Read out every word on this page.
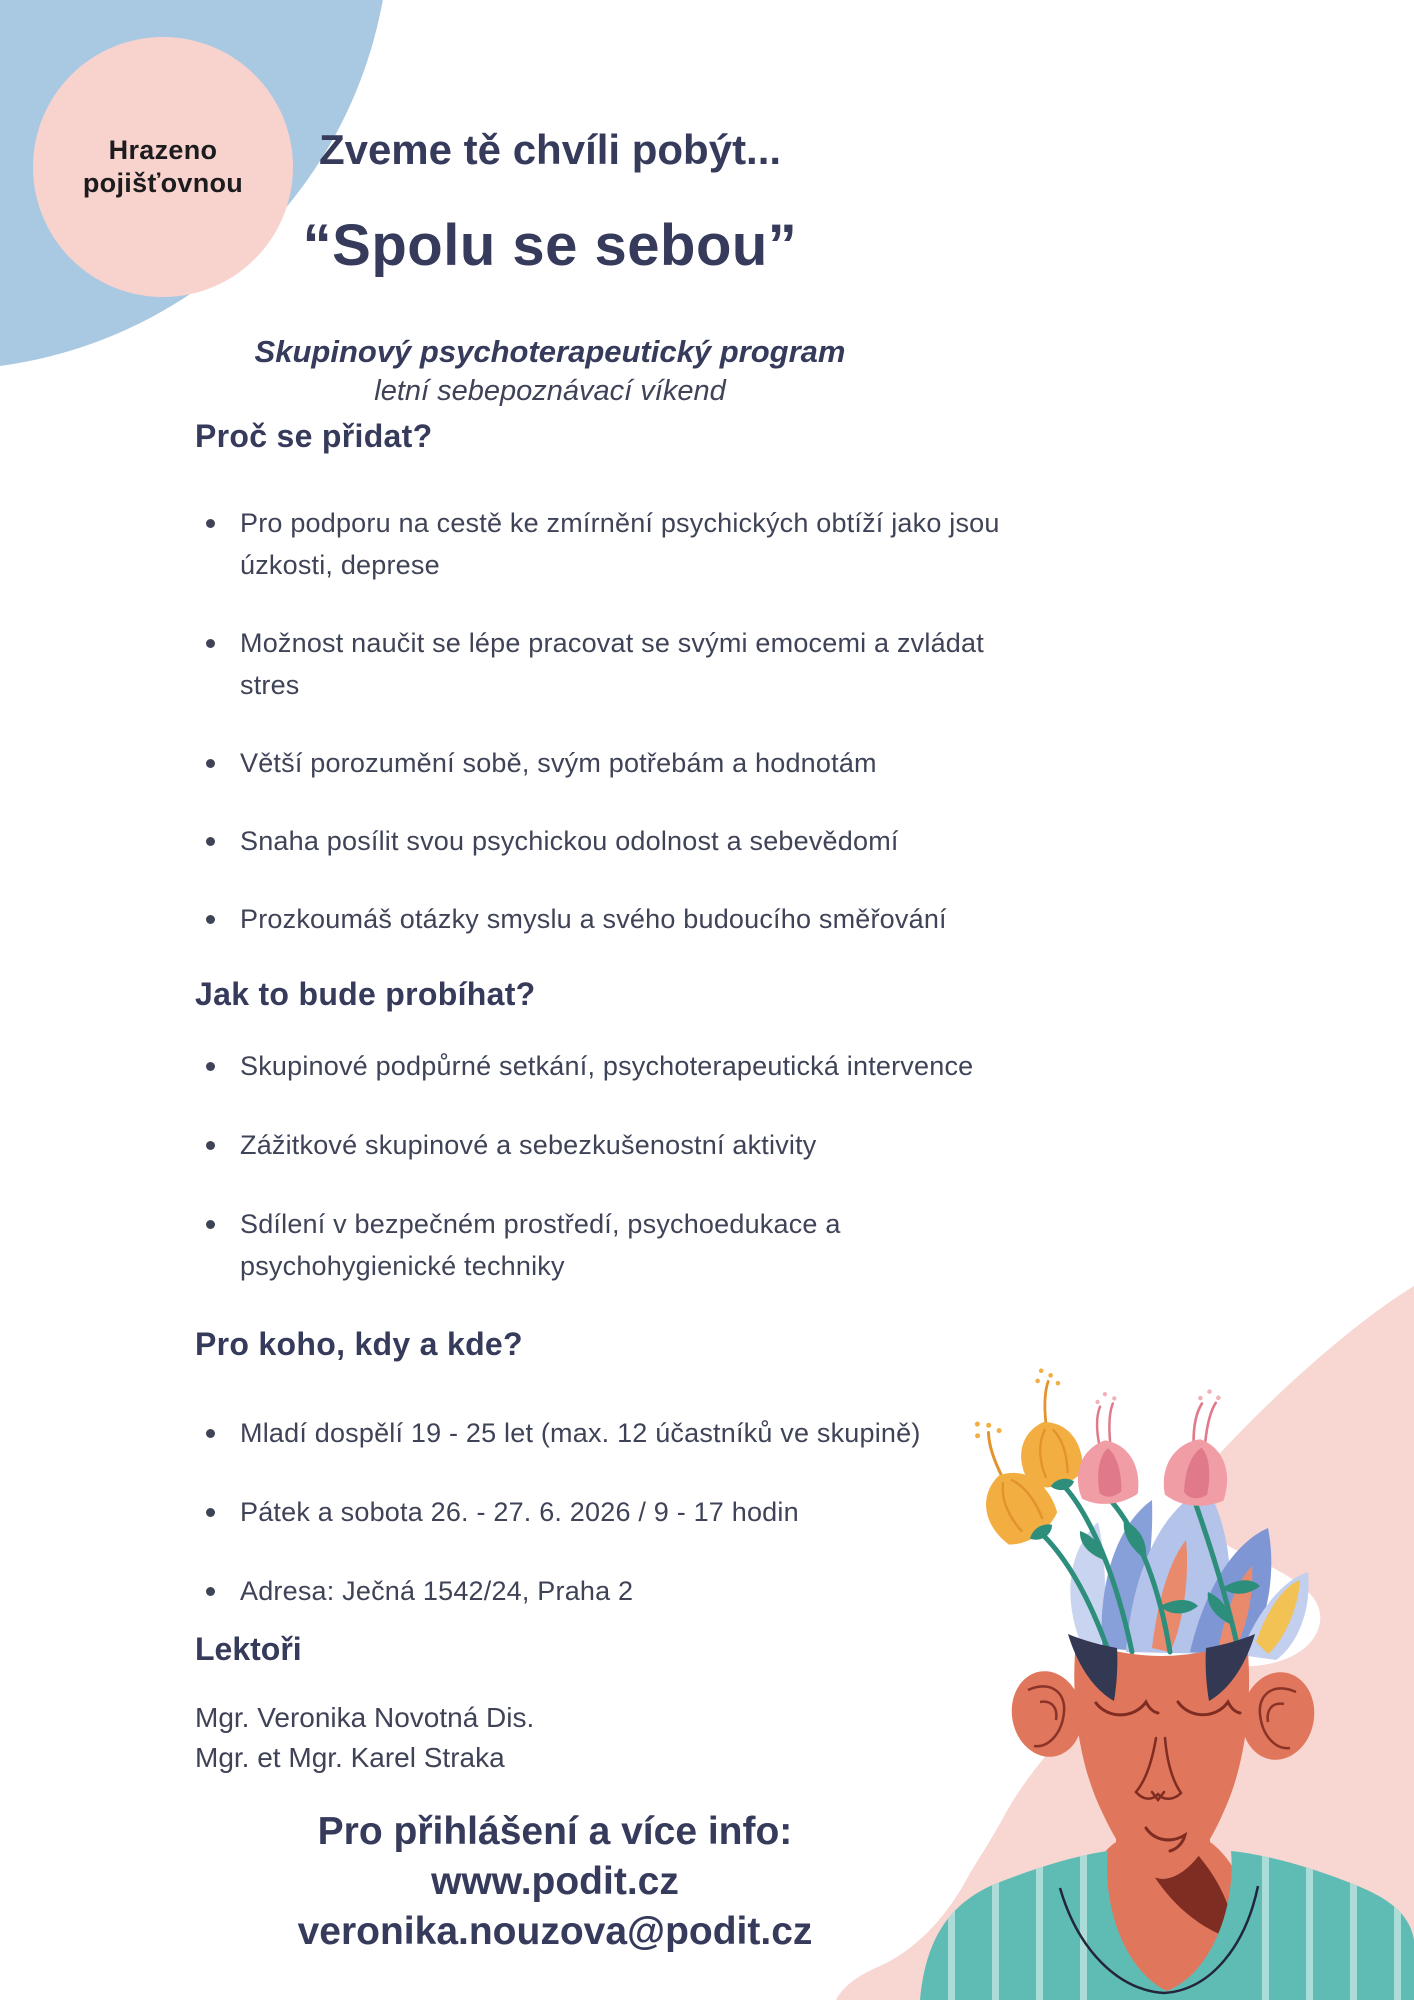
Hrazeno
pojišťovnou
Zveme tě chvíli pobýt...
“Spolu se sebou”
Skupinový psychoterapeutický program
letní sebepoznávací víkend
Proč se přidat?
Pro podporu na cestě ke zmírnění psychických obtíží jako jsou úzkosti, deprese
Možnost naučit se lépe pracovat se svými emocemi a zvládat stres
Větší porozumění sobě, svým potřebám a hodnotám
Snaha posílit svou psychickou odolnost a sebevědomí
Prozkoumáš otázky smyslu a svého budoucího směřování
Jak to bude probíhat?
Skupinové podpůrné setkání, psychoterapeutická intervence
Zážitkové skupinové a sebezkušenostní aktivity
Sdílení v bezpečném prostředí, psychoedukace a psychohygienické techniky
Pro koho, kdy a kde?
Mladí dospělí 19 - 25 let (max. 12 účastníků ve skupině)
Pátek a sobota 26. - 27. 6. 2026 / 9 - 17 hodin
Adresa: Ječná 1542/24, Praha 2
Lektoři
Mgr. Veronika Novotná Dis.
Mgr. et Mgr. Karel Straka
Pro přihlášení a více info:
www.podit.cz
veronika.nouzova@podit.cz
